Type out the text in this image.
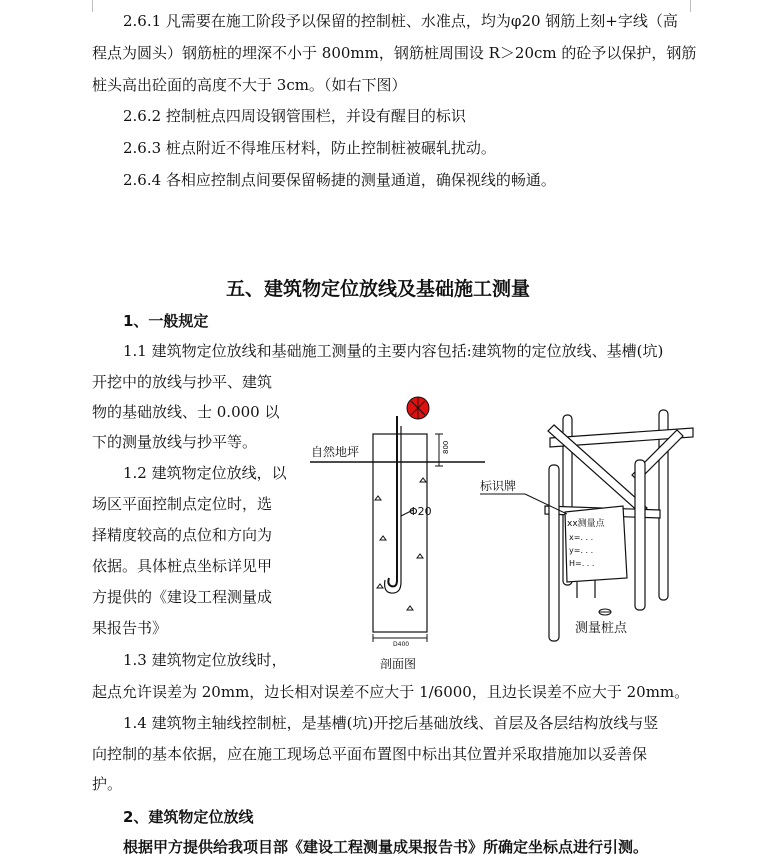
2.6.1 凡需要在施工阶段予以保留的控制桩、水准点，均为φ20 钢筋上刻+字线（高
程点为圆头）钢筋桩的埋深不小于 800mm，钢筋桩周围设 R＞20cm 的砼予以保护，钢筋
桩头高出砼面的高度不大于 3cm。（如右下图）
2.6.2 控制桩点四周设钢管围栏，并设有醒目的标识
2.6.3 桩点附近不得堆压材料，防止控制桩被碾轧扰动。
2.6.4 各相应控制点间要保留畅捷的测量通道，确保视线的畅通。
五、建筑物定位放线及基础施工测量
1、一般规定
1.1 建筑物定位放线和基础施工测量的主要内容包括:建筑物的定位放线、基槽(坑)
开挖中的放线与抄平、建筑
物的基础放线、士 0.000 以
下的测量放线与抄平等。
1.2 建筑物定位放线，以
场区平面控制点定位时，选
择精度较高的点位和方向为
依据。具体桩点坐标详见甲
方提供的《建设工程测量成
果报告书》
1.3 建筑物定位放线时，
起点允许误差为 20mm，边长相对误差不应大于 1/6000，且边长误差不应大于 20mm。
1.4 建筑物主轴线控制桩，是基槽(坑)开挖后基础放线、首层及各层结构放线与竖
向控制的基本依据，应在施工现场总平面布置图中标出其位置并采取措施加以妥善保
护。
2、建筑物定位放线
根据甲方提供给我项目部《建设工程测量成果报告书》所确定坐标点进行引测。
自然地坪
Φ20
800
D400
剖面图
xx测量点
x=. . .
y=. . .
H=. . .
标识牌
测量桩点
